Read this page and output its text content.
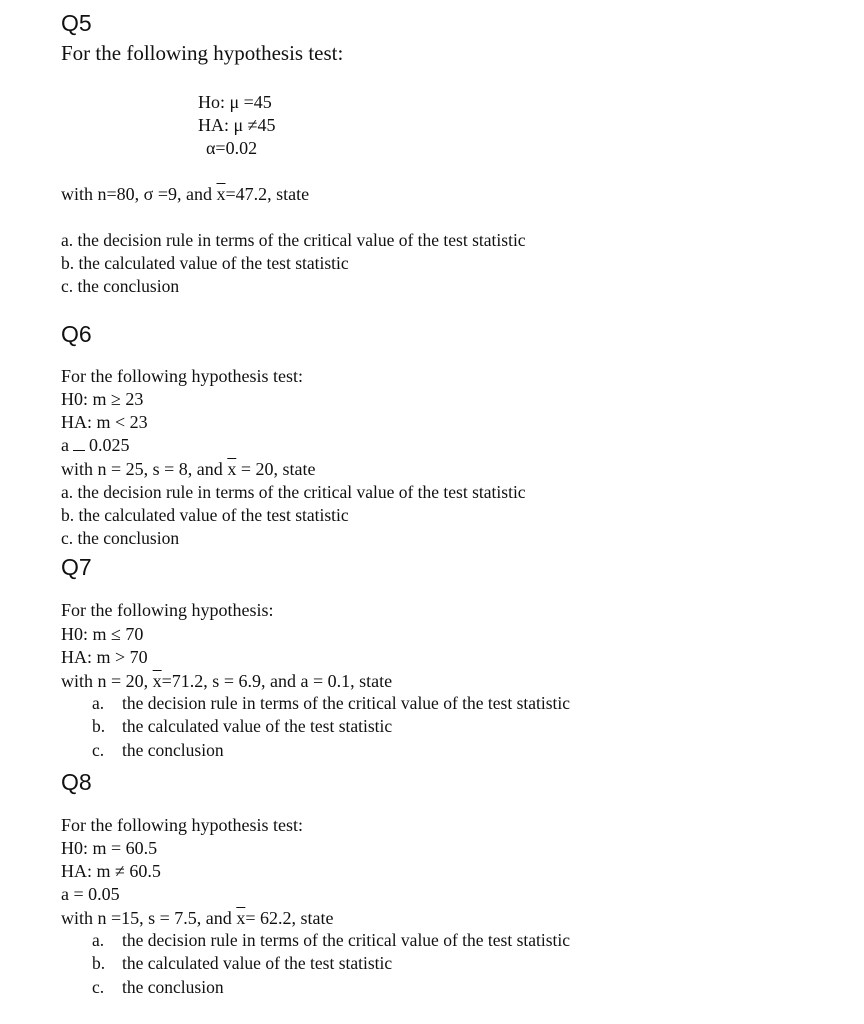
Q5
For the following hypothesis test:
Ho: μ =45
HA: μ ≠45
α=0.02
with n=80, σ =9, and $\overline{x}=47.2$, state
a. the decision rule in terms of the critical value of the test statistic
b. the calculated value of the test statistic
c. the conclusion
Q6
For the following hypothesis test:
H0: m ≥ 23
HA: m < 23
a 0.025
with n = 25, s = 8, and $\overline{x} = 20$, state
a. the decision rule in terms of the critical value of the test statistic
b. the calculated value of the test statistic
c. the conclusion
Q7
For the following hypothesis:
H0: m ≤ 70
HA: m > 70
with n = 20, $\overline{x}=71.2$, s = 6.9, and a = 0.1, state
a. the decision rule in terms of the critical value of the test statistic
b. the calculated value of the test statistic
c. the conclusion
Q8
For the following hypothesis test:
H0: m = 60.5
HA: m ≠ 60.5
a = 0.05
with n =15, s = 7.5, and $\overline{x}= 62.2$, state
a. the decision rule in terms of the critical value of the test statistic
b. the calculated value of the test statistic
c. the conclusion
